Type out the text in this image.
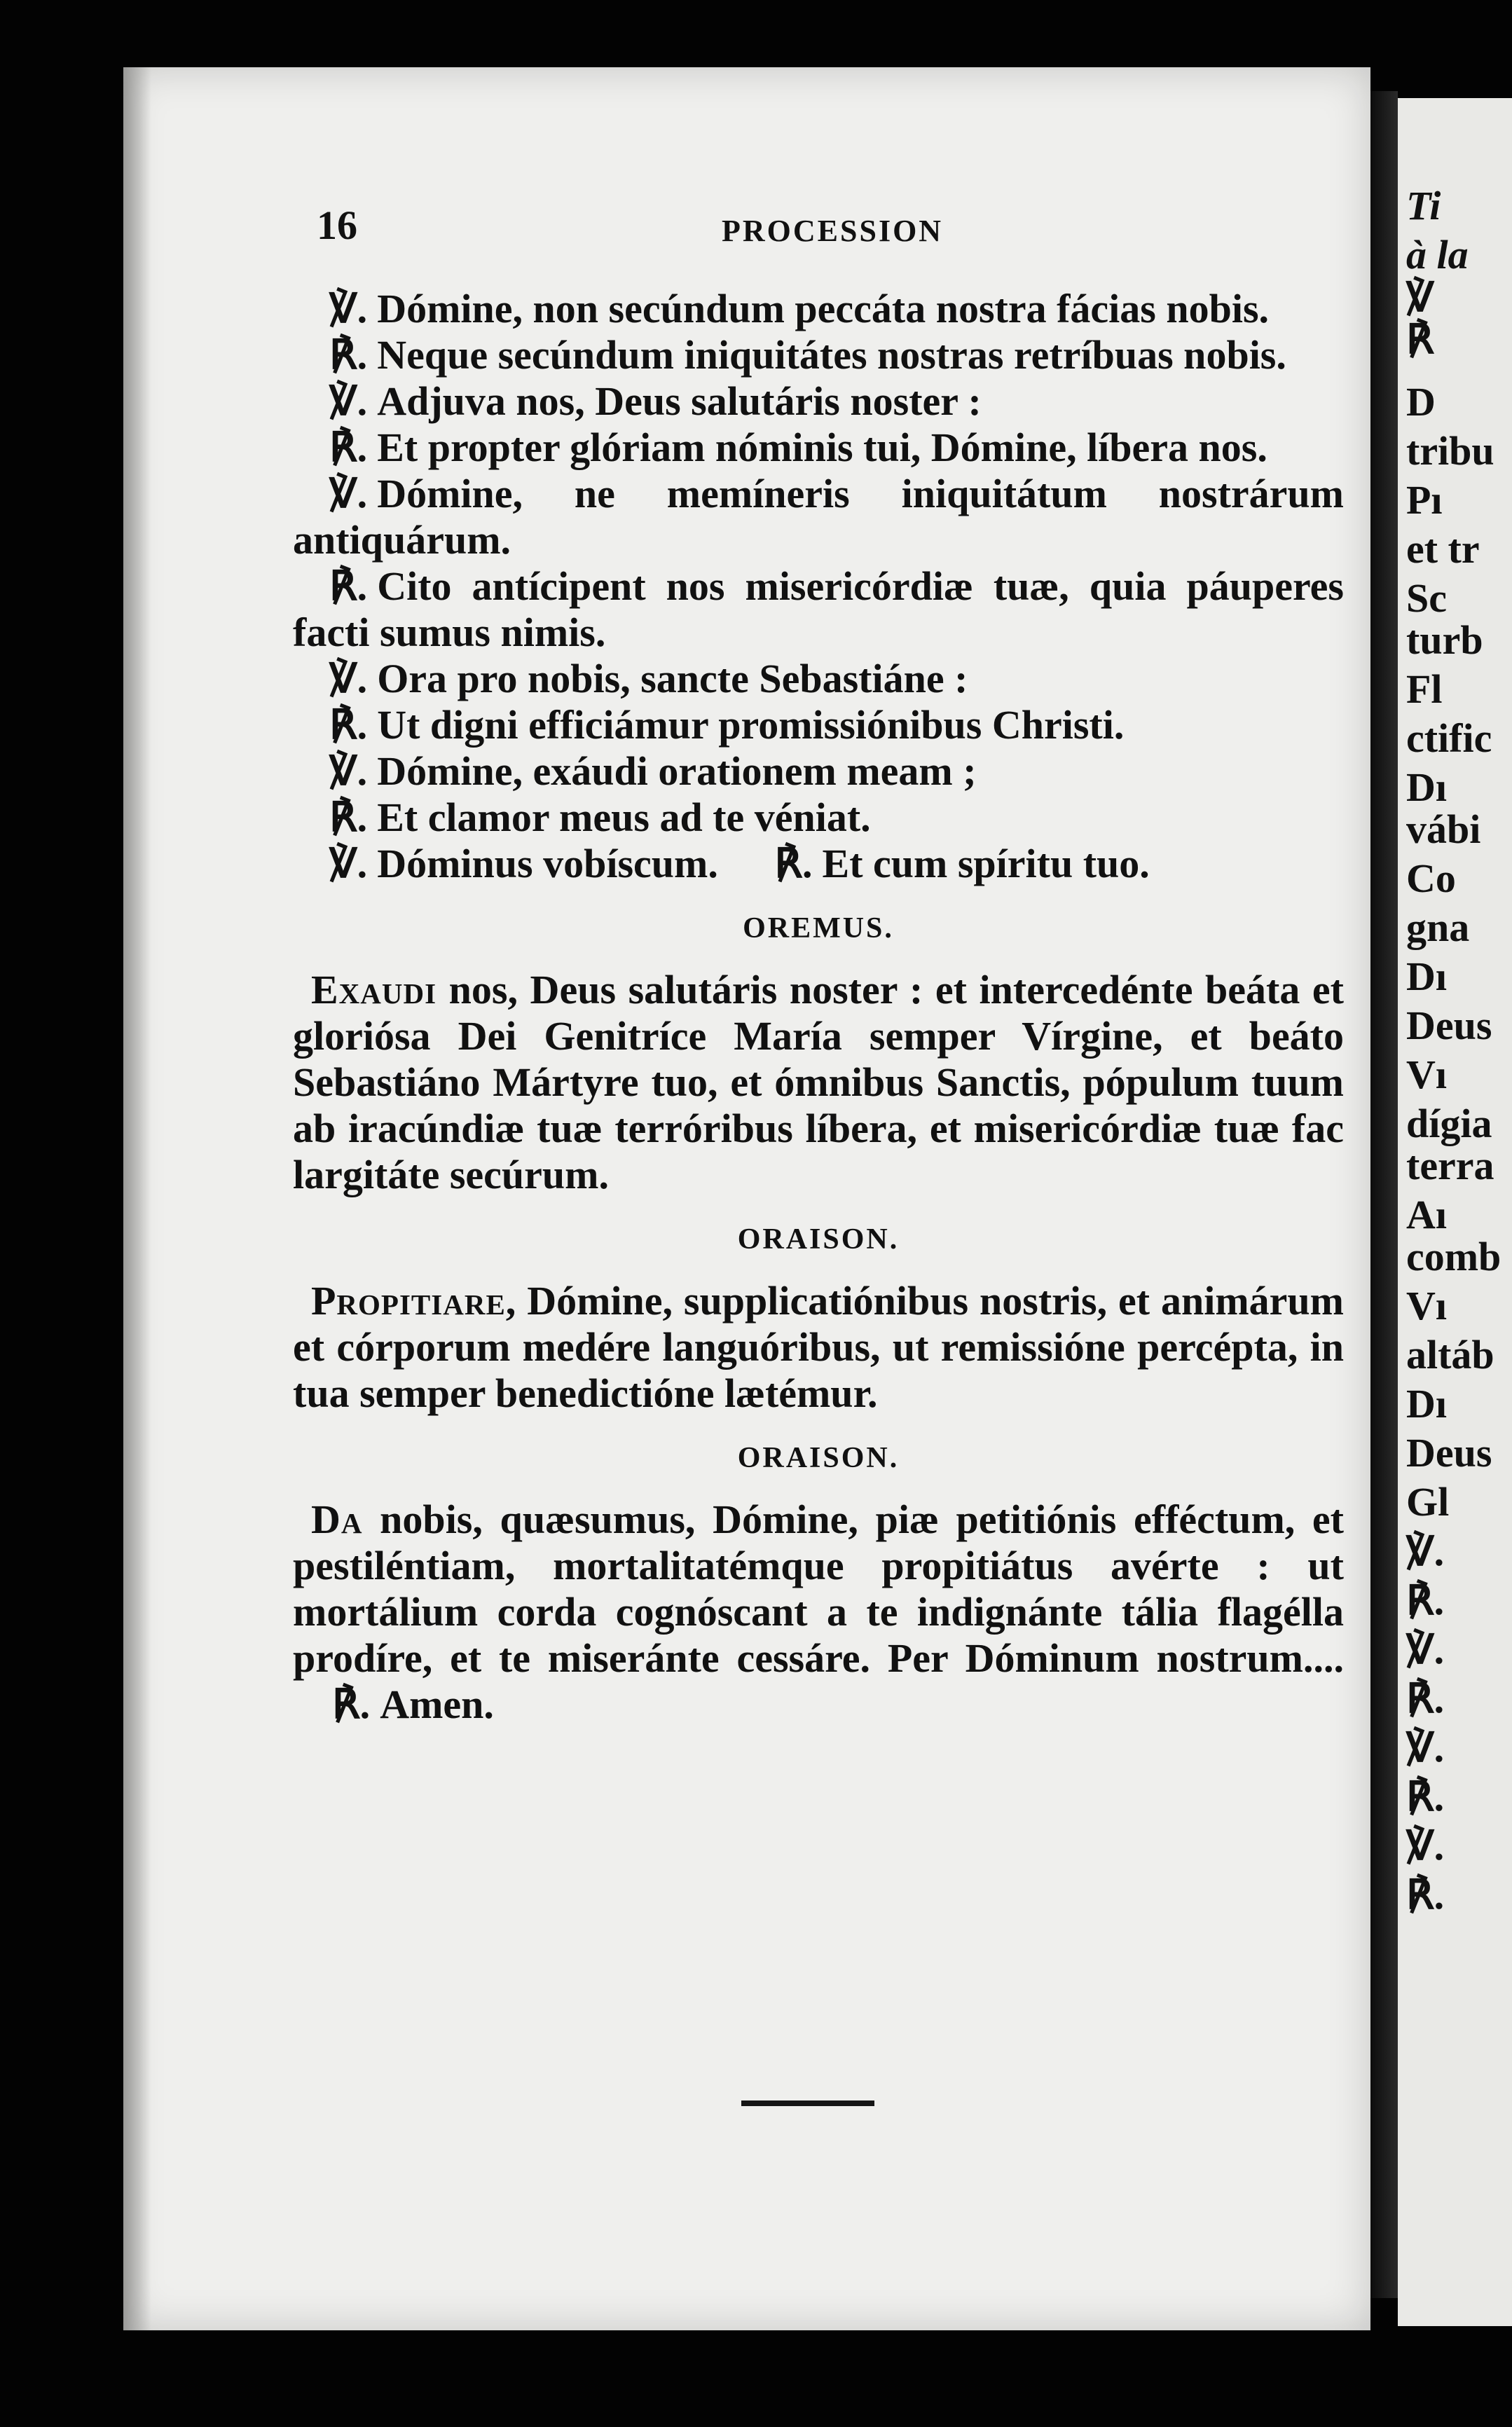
Ti
à la
℣
℟
D
tribu
Pı
et tr
Sc
turb
Fl
ctific
Dı
vábi
Co
gna
Dı
Deus
Vı
dígia
terra
Aı
comb
Vı
altáb
Dı
Deus
Gl
℣.
℟.
℣.
℟.
℣.
℟.
℣.
℟.
16	PROCESSION

℣. Dómine, non secúndum peccáta nostra fácias nobis.

℟. Neque secúndum iniquitátes nostras retríbuas nobis.

℣. Adjuva nos, Deus salutáris noster :

℟. Et propter glóriam nóminis tui, Dómine, líbera nos.

℣. Dómine, ne memíneris iniquitátum nostrárum antiquárum.

℟. Cito antícipent nos misericórdiæ tuæ, quia páuperes facti sumus nimis.

℣. Ora pro nobis, sancte Sebastiáne :

℟. Ut digni efficiámur promissiónibus Christi.

℣. Dómine, exáudi orationem meam ;

℟. Et clamor meus ad te véniat.

℣. Dóminus vobíscum. ℟. Et cum spíritu tuo.

OREMUS.

Exaudi nos, Deus salutáris noster : et intercedénte beáta et gloriósa Dei Genitríce María semper Vírgine, et beáto Sebastiáno Mártyre tuo, et ómnibus Sanctis, pópulum tuum ab iracúndiæ tuæ terróribus líbera, et misericórdiæ tuæ fac largitáte secúrum.

ORAISON.

Propitiare, Dómine, supplicatiónibus nostris, et animárum et córporum medére languóribus, ut remissióne percépta, in tua semper benedictióne lætémur.

ORAISON.

Da nobis, quæsumus, Dómine, piæ petitiónis efféctum, et pestiléntiam, mortalitatémque propitiátus avérte : ut mortálium corda cognóscant a te indignánte tália flagélla prodíre, et te miseránte cessáre. Per Dóminum nostrum.... ℟. Amen.
